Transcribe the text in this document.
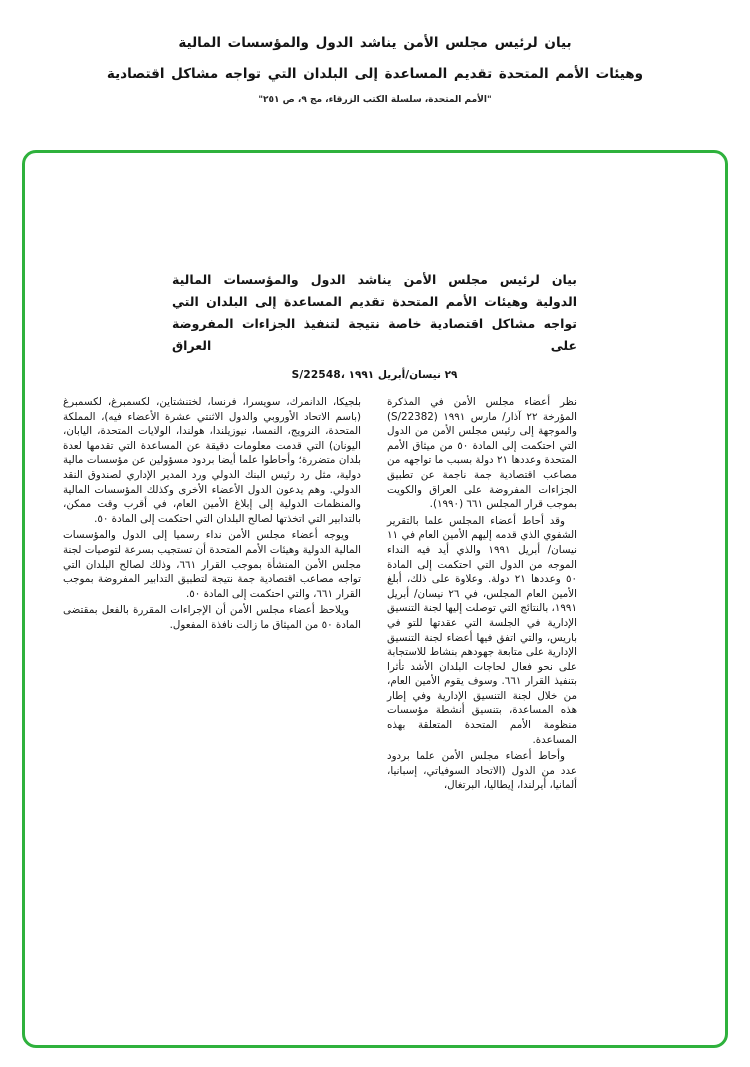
بيان لرئيس مجلس الأمن يناشد الدول والمؤسسات المالية
وهيئات الأمم المتحدة تقديم المساعدة إلى البلدان التي تواجه مشاكل اقتصادية
"الأمم المتحدة، سلسلة الكتب الزرقاء، مج ٩، ص ٢٥١"
بيان لرئيس مجلس الأمن يناشد الدول والمؤسسات المالية الدولية وهيئات الأمم المتحدة تقديم المساعدة إلى البلدان التي تواجه مشاكل اقتصادية خاصة نتيجة لتنفيذ الجزاءات المفروضة على العراق
S/22548، ٢٩ نيسان/أبريل ١٩٩١

نظر أعضاء مجلس الأمن في المذكرة المؤرخة ٢٢ آذار/ مارس ١٩٩١ (S/22382) والموجهة إلى رئيس مجلس الأمن من الدول التي احتكمت إلى المادة ٥٠ من ميثاق الأمم المتحدة وعددها ٢١ دولة بسبب ما تواجهه من مصاعب اقتصادية جمة ناجمة عن تطبيق الجزاءات المفروضة على العراق والكويت بموجب قرار المجلس ٦٦١ (١٩٩٠).

وقد أحاط أعضاء المجلس علما بالتقرير الشفوي الذي قدمه إليهم الأمين العام في ١١ نيسان/ أبريل ١٩٩١ والذي أيد فيه النداء الموجه من الدول التي احتكمت إلى المادة ٥٠ وعددها ٢١ دولة. وعلاوة على ذلك، أبلغ الأمين العام المجلس، في ٢٦ نيسان/ أبريل ١٩٩١، بالنتائج التي توصلت إليها لجنة التنسيق الإدارية في الجلسة التي عقدتها للتو في باريس، والتي اتفق فيها أعضاء لجنة التنسيق الإدارية على متابعة جهودهم بنشاط للاستجابة على نحو فعال لحاجات البلدان الأشد تأثرا بتنفيذ القرار ٦٦١. وسوف يقوم الأمين العام، من خلال لجنة التنسيق الإدارية وفي إطار هذه المساعدة، بتنسيق أنشطة مؤسسات منظومة الأمم المتحدة المتعلقة بهذه المساعدة.

وأحاط أعضاء مجلس الأمن علما بردود عدد من الدول (الاتحاد السوفياتي، إسبانيا، ألمانيا، أيرلندا، إيطاليا، البرتغال،

بلجيكا، الدانمرك، سويسرا، فرنسا، لختنشتاين، لكسمبرغ، لكسمبرغ (باسم الاتحاد الأوروبي والدول الاثنتي عشرة الأعضاء فيه)، المملكة المتحدة، النرويج، النمسا، نيوزيلندا، هولندا، الولايات المتحدة، اليابان، اليونان) التي قدمت معلومات دقيقة عن المساعدة التي تقدمها لعدة بلدان متضررة؛ وأحاطوا علما أيضا بردود مسؤولين عن مؤسسات مالية دولية، مثل رد رئيس البنك الدولي ورد المدير الإداري لصندوق النقد الدولي. وهم يدعون الدول الأعضاء الأخرى وكذلك المؤسسات المالية والمنظمات الدولية إلى إبلاغ الأمين العام، في أقرب وقت ممكن، بالتدابير التي اتخذتها لصالح البلدان التي احتكمت إلى المادة ٥٠.

ويوجه أعضاء مجلس الأمن نداء رسميا إلى الدول والمؤسسات المالية الدولية وهيئات الأمم المتحدة أن تستجيب بسرعة لتوصيات لجنة مجلس الأمن المنشأة بموجب القرار ٦٦١، وذلك لصالح البلدان التي تواجه مصاعب اقتصادية جمة نتيجة لتطبيق التدابير المفروضة بموجب القرار ٦٦١، والتي احتكمت إلى المادة ٥٠.

ويلاحظ أعضاء مجلس الأمن أن الإجراءات المقررة بالفعل بمقتضى المادة ٥٠ من الميثاق ما زالت نافذة المفعول.
